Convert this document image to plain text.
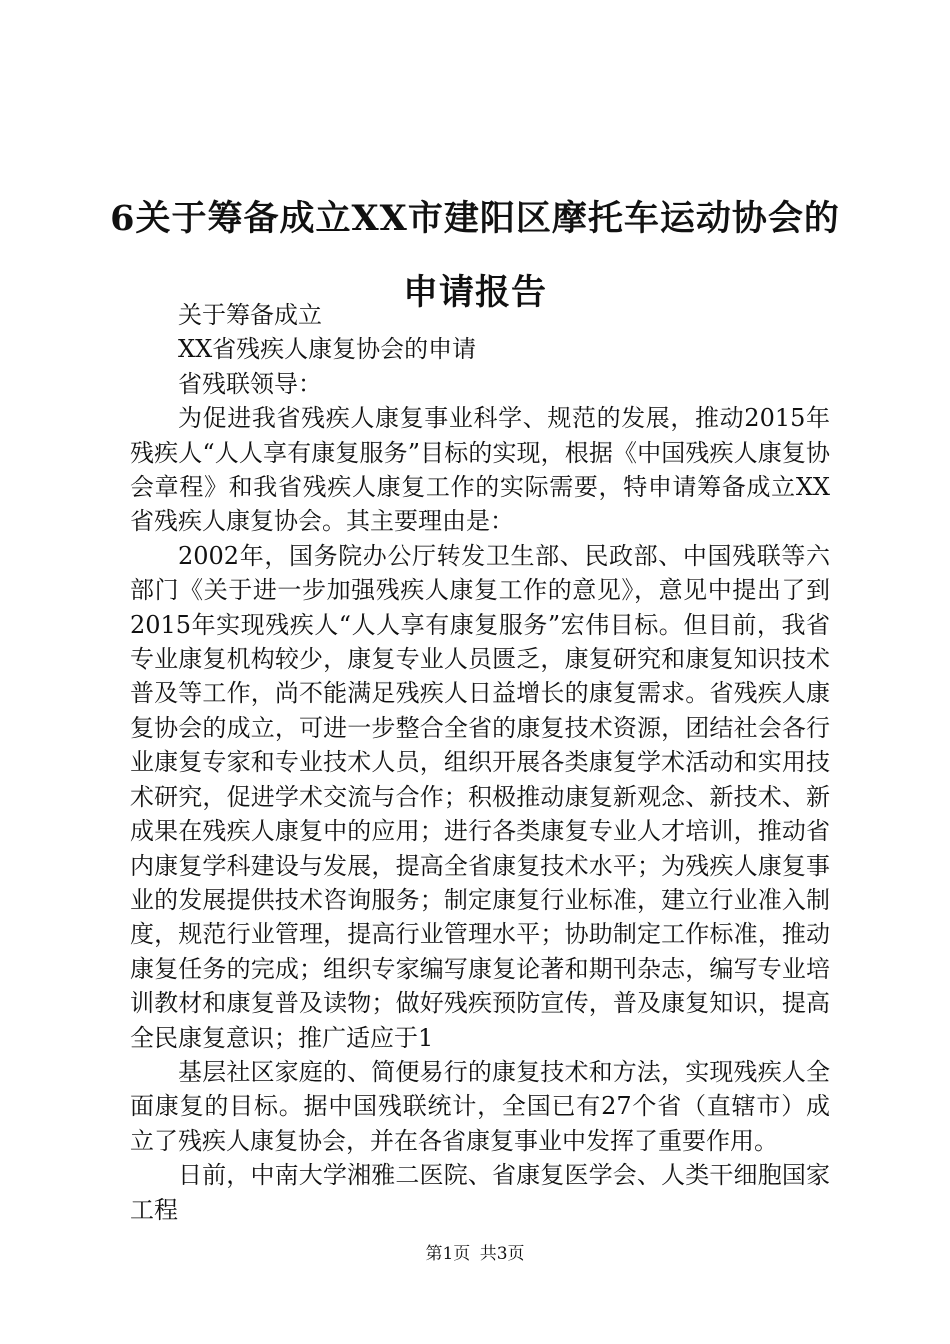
6关于筹备成立XX市建阳区摩托车运动协会的申请报告

关于筹备成立

XX省残疾人康复协会的申请

省残联领导：

为促进我省残疾人康复事业科学、规范的发展，推动2015年残疾人“人人享有康复服务”目标的实现，根据《中国残疾人康复协会章程》和我省残疾人康复工作的实际需要，特申请筹备成立XX省残疾人康复协会。其主要理由是：

2002年，国务院办公厅转发卫生部、民政部、中国残联等六部门《关于进一步加强残疾人康复工作的意见》，意见中提出了到2015年实现残疾人“人人享有康复服务”宏伟目标。但目前，我省专业康复机构较少，康复专业人员匮乏，康复研究和康复知识技术普及等工作，尚不能满足残疾人日益增长的康复需求。省残疾人康复协会的成立，可进一步整合全省的康复技术资源，团结社会各行业康复专家和专业技术人员，组织开展各类康复学术活动和实用技术研究，促进学术交流与合作；积极推动康复新观念、新技术、新成果在残疾人康复中的应用；进行各类康复专业人才培训，推动省内康复学科建设与发展，提高全省康复技术水平；为残疾人康复事业的发展提供技术咨询服务；制定康复行业标准，建立行业准入制度，规范行业管理，提高行业管理水平；协助制定工作标准，推动康复任务的完成；组织专家编写康复论著和期刊杂志，编写专业培训教材和康复普及读物；做好残疾预防宣传，普及康复知识，提高全民康复意识；推广适应于1

基层社区家庭的、简便易行的康复技术和方法，实现残疾人全面康复的目标。据中国残联统计，全国已有27个省（直辖市）成立了残疾人康复协会，并在各省康复事业中发挥了重要作用。

日前，中南大学湘雅二医院、省康复医学会、人类干细胞国家工程

第1页 共3页
